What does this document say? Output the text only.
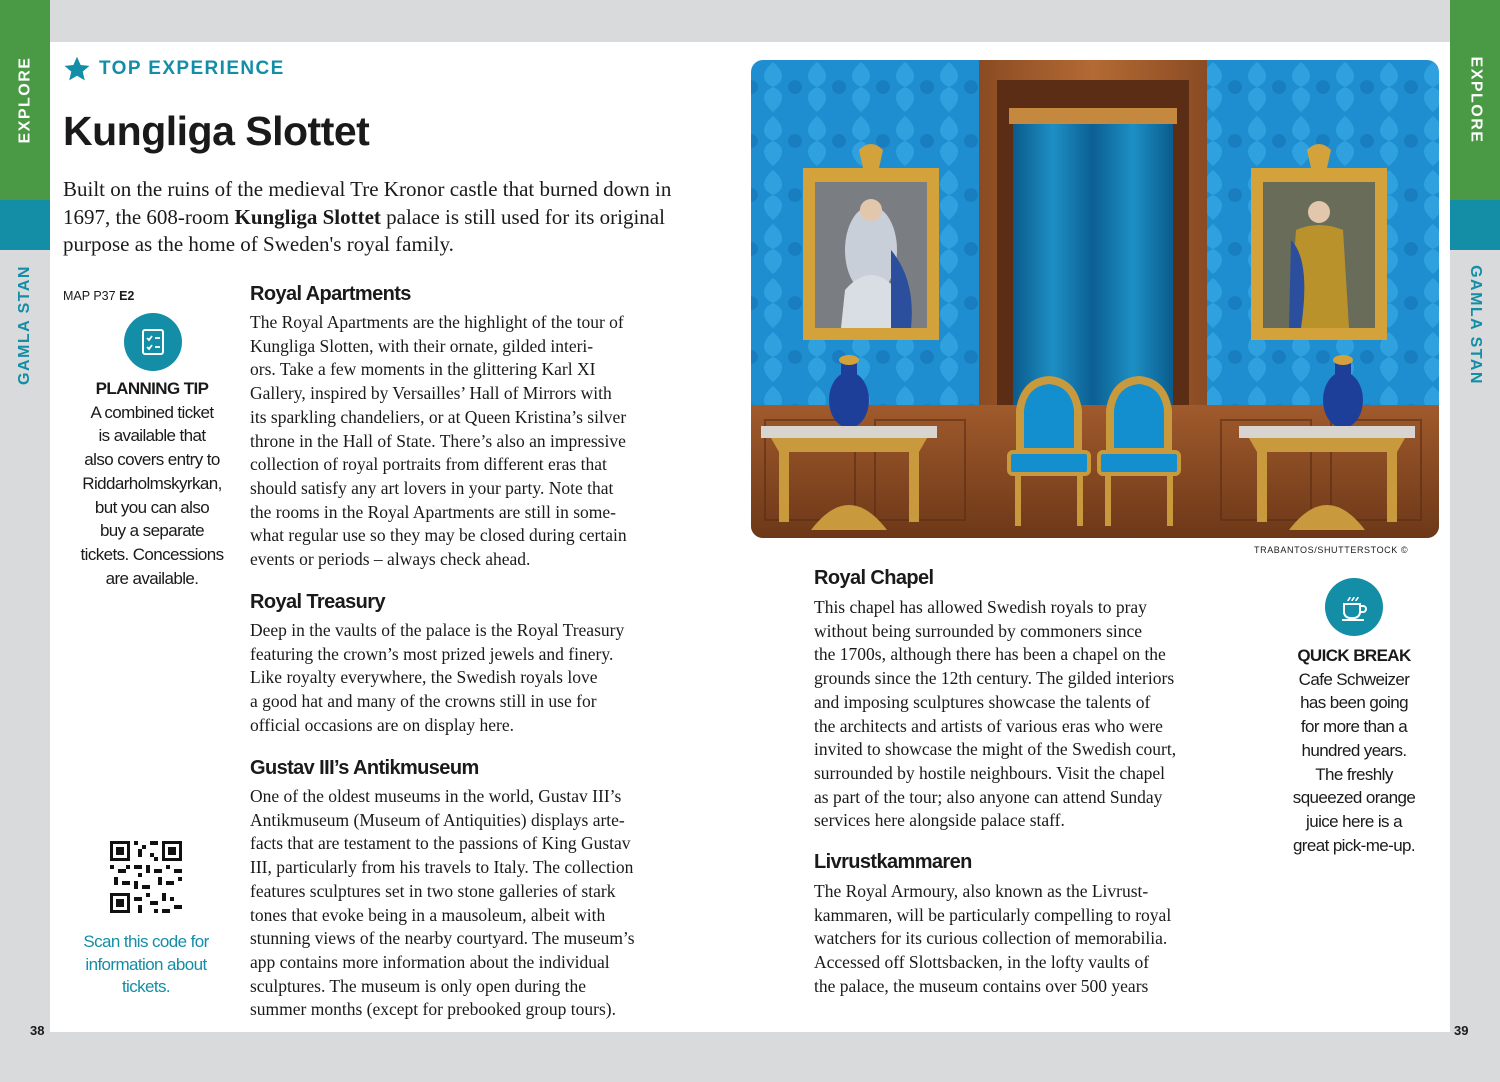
EXPLORE
GAMLA STAN
EXPLORE
GAMLA STAN
TOP EXPERIENCE
Kungliga Slottet
Built on the ruins of the medieval Tre Kronor castle that burned down in 1697, the 608-room Kungliga Slottet palace is still used for its original purpose as the home of Sweden's royal family.
MAP P37 E2
PLANNING TIP
A combined ticket
is available that
also covers entry to
Riddarholmskyrkan,
but you can also
buy a separate
tickets. Concessions
are available.
Scan this code for
information about
tickets.
Royal Apartments
The Royal Apartments are the highlight of the tour of
Kungliga Slotten, with their ornate, gilded interi-
ors. Take a few moments in the glittering Karl XI
Gallery, inspired by Versailles’ Hall of Mirrors with
its sparkling chandeliers, or at Queen Kristina’s silver
throne in the Hall of State. There’s also an impressive
collection of royal portraits from different eras that
should satisfy any art lovers in your party. Note that
the rooms in the Royal Apartments are still in some-
what regular use so they may be closed during certain
events or periods – always check ahead.
Royal Treasury
Deep in the vaults of the palace is the Royal Treasury
featuring the crown’s most prized jewels and finery.
Like royalty everywhere, the Swedish royals love
a good hat and many of the crowns still in use for
official occasions are on display here.
Gustav III’s Antikmuseum
One of the oldest museums in the world, Gustav III’s
Antikmuseum (Museum of Antiquities) displays arte-
facts that are testament to the passions of King Gustav
III, particularly from his travels to Italy. The collection
features sculptures set in two stone galleries of stark
tones that evoke being in a mausoleum, albeit with
stunning views of the nearby courtyard. The museum’s
app contains more information about the individual
sculptures. The museum is only open during the
summer months (except for prebooked group tours).
38	39
TRABANTOS/SHUTTERSTOCK ©
Royal Chapel
This chapel has allowed Swedish royals to pray
without being surrounded by commoners since
the 1700s, although there has been a chapel on the
grounds since the 12th century. The gilded interiors
and imposing sculptures showcase the talents of
the architects and artists of various eras who were
invited to showcase the might of the Swedish court,
surrounded by hostile neighbours. Visit the chapel
as part of the tour; also anyone can attend Sunday
services here alongside palace staff.
Livrustkammaren
The Royal Armoury, also known as the Livrust-
kammaren, will be particularly compelling to royal
watchers for its curious collection of memorabilia.
Accessed off Slottsbacken, in the lofty vaults of
the palace, the museum contains over 500 years
QUICK BREAK
Cafe Schweizer
has been going
for more than a
hundred years.
The freshly
squeezed orange
juice here is a
great pick-me-up.
